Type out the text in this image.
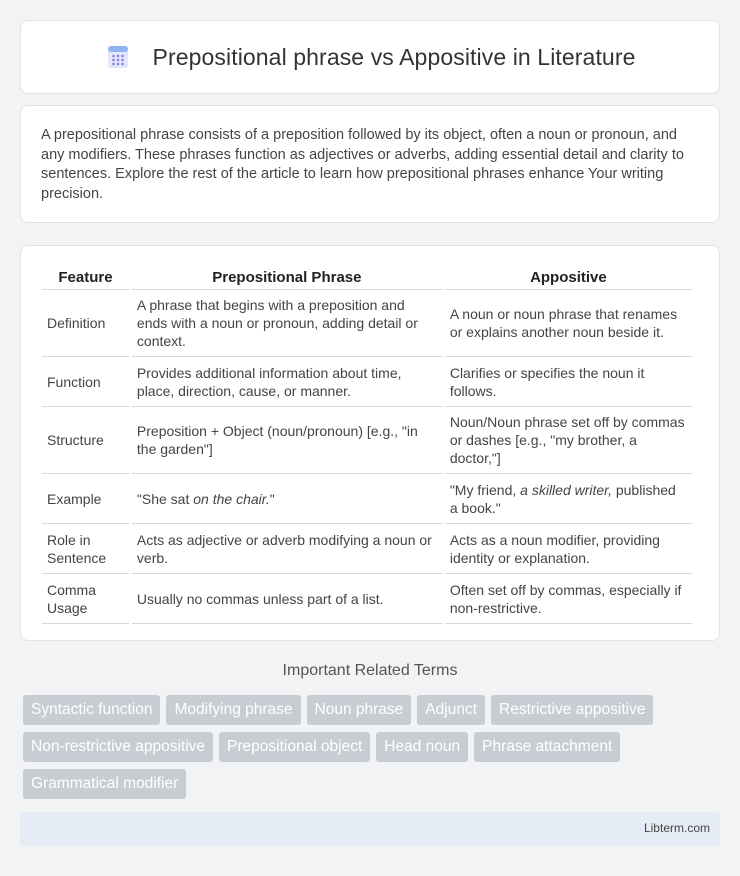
Prepositional phrase vs Appositive in Literature

A prepositional phrase consists of a preposition followed by its object, often a noun or pronoun, and any modifiers. These phrases function as adjectives or adverbs, adding essential detail and clarity to sentences. Explore the rest of the article to learn how prepositional phrases enhance Your writing precision.

Feature	Prepositional Phrase	Appositive
Definition	A phrase that begins with a preposition and ends with a noun or pronoun, adding detail or context.	A noun or noun phrase that renames or explains another noun beside it.
Function	Provides additional information about time, place, direction, cause, or manner.	Clarifies or specifies the noun it follows.
Structure	Preposition + Object (noun/pronoun) [e.g., "in the garden"]	Noun/Noun phrase set off by commas or dashes [e.g., "my brother, a doctor,"]
Example	"She sat on the chair."	"My friend, a skilled writer, published a book."
Role in Sentence	Acts as adjective or adverb modifying a noun or verb.	Acts as a noun modifier, providing identity or explanation.
Comma Usage	Usually no commas unless part of a list.	Often set off by commas, especially if non-restrictive.
Important Related Terms
Syntactic function	Modifying phrase	Noun phrase	Adjunct	Restrictive appositive
Non-restrictive appositive	Prepositional object	Head noun	Phrase attachment
Grammatical modifier
Libterm.com
